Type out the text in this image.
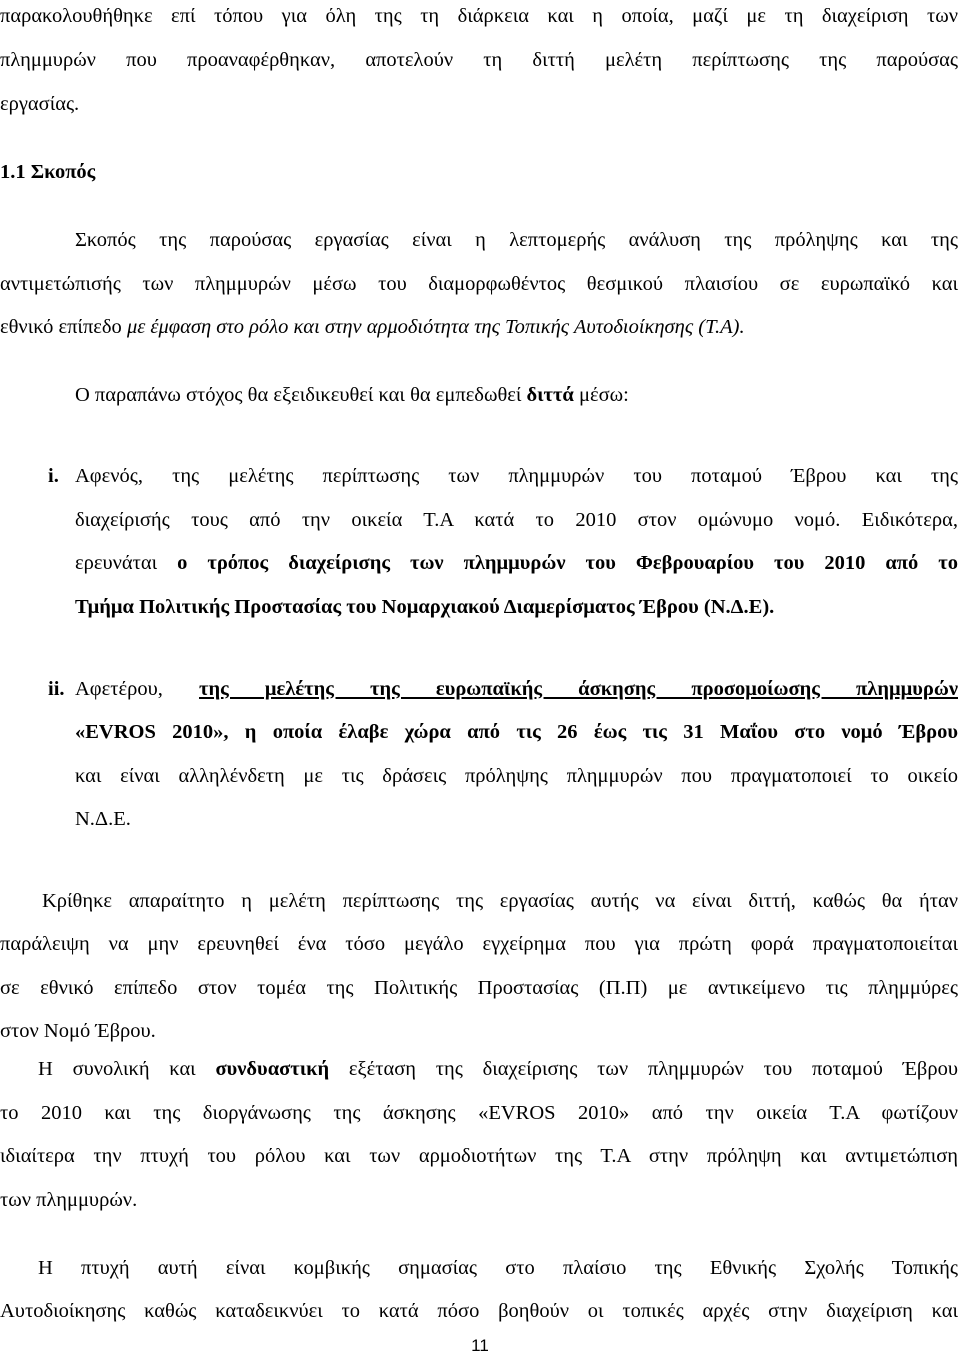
παρακολουθήθηκε επί τόπου για όλη της τη διάρκεια και η οποία, μαζί με τη διαχείριση των
πλημμυρών που προαναφέρθηκαν, αποτελούν τη διττή μελέτη περίπτωσης της παρούσας
εργασίας.
1.1 Σκοπός
Σκοπός της παρούσας εργασίας είναι η λεπτομερής ανάλυση της πρόληψης και της
αντιμετώπισής των πλημμυρών μέσω του διαμορφωθέντος θεσμικού πλαισίου σε ευρωπαϊκό και
εθνικό επίπεδο με έμφαση στο ρόλο και στην αρμοδιότητα της Τοπικής Αυτοδιοίκησης (Τ.Α).
Ο παραπάνω στόχος θα εξειδικευθεί και θα εμπεδωθεί διττά μέσω:
i. Αφενός, της μελέτης περίπτωσης των πλημμυρών του ποταμού Έβρου και της
διαχείρισής τους από την οικεία Τ.Α κατά το 2010 στον ομώνυμο νομό. Ειδικότερα,
ερευνάται ο τρόπος διαχείρισης των πλημμυρών του Φεβρουαρίου του 2010 από το
Τμήμα Πολιτικής Προστασίας του Νομαρχιακού Διαμερίσματος Έβρου (Ν.Δ.Ε).
ii. Αφετέρου, της μελέτης της ευρωπαϊκής άσκησης προσομοίωσης πλημμυρών
«EVROS 2010», η οποία έλαβε χώρα από τις 26 έως τις 31 Μαΐου στο νομό Έβρου
και είναι αλληλένδετη με τις δράσεις πρόληψης πλημμυρών που πραγματοποιεί το οικείο
Ν.Δ.Ε.
Κρίθηκε απαραίτητο η μελέτη περίπτωσης της εργασίας αυτής να είναι διττή, καθώς θα ήταν
παράλειψη να μην ερευνηθεί ένα τόσο μεγάλο εγχείρημα που για πρώτη φορά πραγματοποιείται
σε εθνικό επίπεδο στον τομέα της Πολιτικής Προστασίας (Π.Π) με αντικείμενο τις πλημμύρες
στον Νομό Έβρου.
Η συνολική και συνδυαστική εξέταση της διαχείρισης των πλημμυρών του ποταμού Έβρου
το 2010 και της διοργάνωσης της άσκησης «EVROS 2010» από την οικεία Τ.Α φωτίζουν
ιδιαίτερα την πτυχή του ρόλου και των αρμοδιοτήτων της Τ.Α στην πρόληψη και αντιμετώπιση
των πλημμυρών.
Η πτυχή αυτή είναι κομβικής σημασίας στο πλαίσιο της Εθνικής Σχολής Τοπικής
Αυτοδιοίκησης καθώς καταδεικνύει το κατά πόσο βοηθούν οι τοπικές αρχές στην διαχείριση και
11
